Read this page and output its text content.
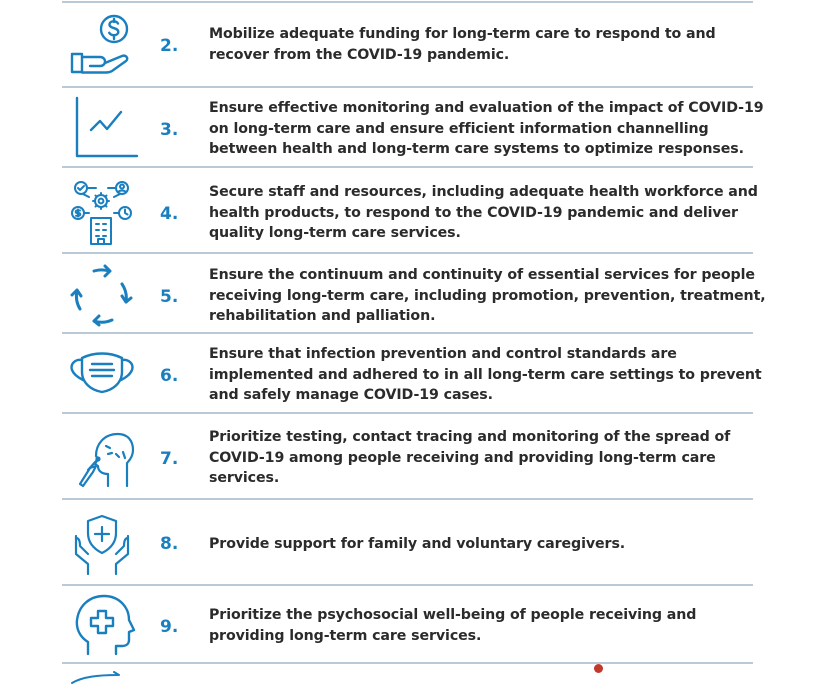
2.
Mobilize adequate funding for long-term care to respond to and
recover from the COVID-19 pandemic.
3.
Ensure effective monitoring and evaluation of the impact of COVID-19
on long-term care and ensure efficient information channelling
between health and long-term care systems to optimize responses.
4.
Secure staff and resources, including adequate health workforce and
health products, to respond to the COVID-19 pandemic and deliver
quality long-term care services.
5.
Ensure the continuum and continuity of essential services for people
receiving long-term care, including promotion, prevention, treatment,
rehabilitation and palliation.
6.
Ensure that infection prevention and control standards are
implemented and adhered to in all long-term care settings to prevent
and safely manage COVID-19 cases.
7.
Prioritize testing, contact tracing and monitoring of the spread of
COVID-19 among people receiving and providing long-term care
services.
8.	Provide support for family and voluntary caregivers.
9.
Prioritize the psychosocial well-being of people receiving and
providing long-term care services.
